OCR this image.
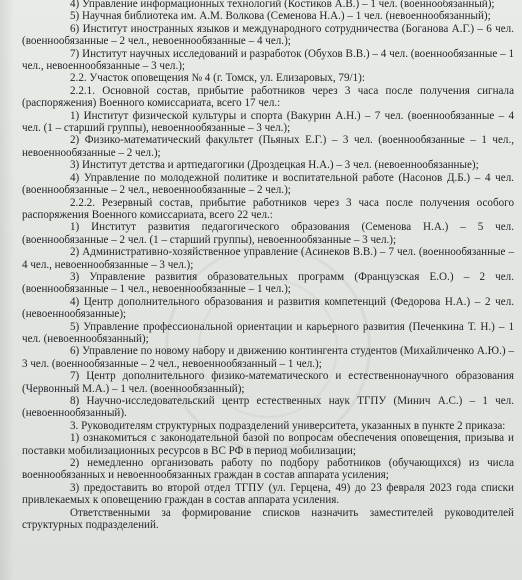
4) Управление информационных технологий (Костиков А.В.) – 1 чел. (военнообязанный);

5) Научная библиотека им. А.М. Волкова (Семенова Н.А.) – 1 чел. (невоеннообязанный);

6) Институт иностранных языков и международного сотрудничества (Боганова А.Г.) – 6 чел. (военнообязанные – 2 чел., невоеннообязанные – 4 чел.);

7) Институт научных исследований и разработок (Обухов В.В.) – 4 чел. (военнообязанные – 1 чел., невоеннообязанные – 3 чел.);

2.2. Участок оповещения № 4 (г. Томск, ул. Елизаровых, 79/1):

2.2.1. Основной состав, прибытие работников через 3 часа после получения сигнала (распоряжения) Военного комиссариата, всего 17 чел.:

1) Институт физической культуры и спорта (Вакурин А.Н.) – 7 чел. (военнообязанные – 4 чел. (1 – старший группы), невоеннообязанные – 3 чел.);

2) Физико-математический факультет (Пьяных Е.Г.) – 3 чел. (военнообязанные – 1 чел., невоеннообязанные – 2 чел.);

3) Институт детства и артпедагогики (Дроздецкая Н.А.) – 3 чел. (невоеннообязанные);

4) Управление по молодежной политике и воспитательной работе (Насонов Д.Б.) – 4 чел. (военнообязанные – 2 чел., невоеннообязанные – 2 чел.);

2.2.2. Резервный состав, прибытие работников через 3 часа после получения особого распоряжения Военного комиссариата, всего 22 чел.:

1) Институт развития педагогического образования (Семенова Н.А.) – 5 чел. (военнообязанные – 2 чел. (1 – старший группы), невоеннообязанные – 3 чел.);

2) Административно-хозяйственное управление (Асинеков В.В.) – 7 чел. (военнообязанные – 4 чел., невоеннообязанные – 3 чел.);

3) Управление развития образовательных программ (Французская Е.О.) – 2 чел. (военнообязанные – 1 чел., невоеннообязанные – 1 чел.);

4) Центр дополнительного образования и развития компетенций (Федорова Н.А.) – 2 чел. (невоеннообязанные);

5) Управление профессиональной ориентации и карьерного развития (Печенкина Т. Н.) – 1 чел. (невоеннообязанный);

6) Управление по новому набору и движению контингента студентов (Михайличенко А.Ю.) – 3 чел. (военнообязанные – 2 чел., невоеннообязанный – 1 чел.);

7) Центр дополнительного физико-математического и естественнонаучного образования (Червонный М.А.) – 1 чел. (военнообязанный);

8) Научно-исследовательский центр естественных наук ТГПУ (Минич А.С.) – 1 чел. (невоеннообязанный).

3. Руководителям структурных подразделений университета, указанных в пункте 2 приказа:

1) ознакомиться с законодательной базой по вопросам обеспечения оповещения, призыва и поставки мобилизационных ресурсов в ВС РФ в период мобилизации;

2) немедленно организовать работу по подбору работников (обучающихся) из числа военнообязанных и невоеннообязанных граждан в состав аппарата усиления;

3) предоставить во второй отдел ТГПУ (ул. Герцена, 49) до 23 февраля 2023 года списки привлекаемых к оповещению граждан в состав аппарата усиления.

Ответственными за формирование списков назначить заместителей руководителей структурных подразделений.
